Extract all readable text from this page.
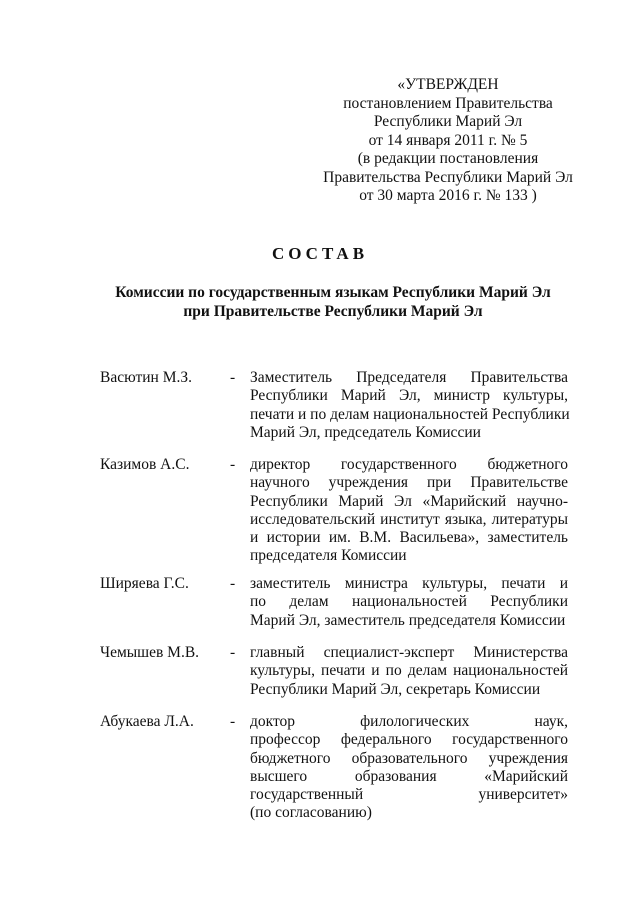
«УТВЕРЖДЕН
постановлением Правительства
Республики Марий Эл
от 14 января 2011 г. № 5
(в редакции постановления
Правительства Республики Марий Эл
от 30 марта 2016 г. № 133 )
СОСТАВ
Комиссии по государственным языкам Республики Марий Эл
при Правительстве Республики Марий Эл
Васютин М.З. - Заместитель Председателя Правительства
Республики Марий Эл, министр культуры,
печати и по делам национальностей Республики
Марий Эл, председатель Комиссии
Казимов А.С.	- директор государственного бюджетного
научного учреждения при Правительстве
Республики Марий Эл «Марийский научно-
исследовательский институт языка, литературы
и истории им. В.М. Васильева», заместитель
председателя Комиссии
Ширяева Г.С.	- заместитель министра культуры, печати и
по делам национальностей Республики
Марий Эл, заместитель председателя Комиссии
Чемышев М.В. - главный специалист-эксперт Министерства
культуры, печати и по делам национальностей
Республики Марий Эл, секретарь Комиссии
Абукаева Л.А. - доктор филологических наук,
профессор федерального государственного
бюджетного образовательного учреждения
высшего образования «Марийский
государственный университет»
(по согласованию)
